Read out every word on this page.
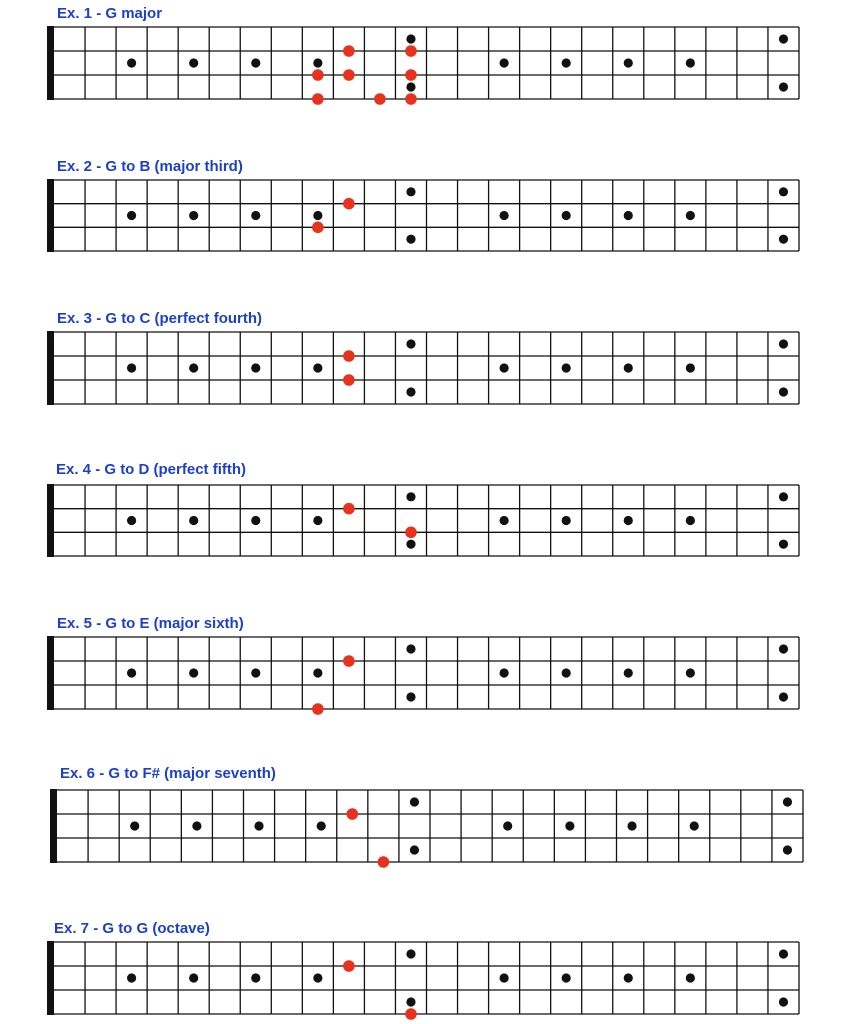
Ex. 1 - G major
Ex. 2 - G to B (major third)
Ex. 3 - G to C (perfect fourth)
Ex. 4 - G to D (perfect fifth)
Ex. 5 - G to E (major sixth)
Ex. 6 - G to F# (major seventh)
Ex. 7 - G to G (octave)
